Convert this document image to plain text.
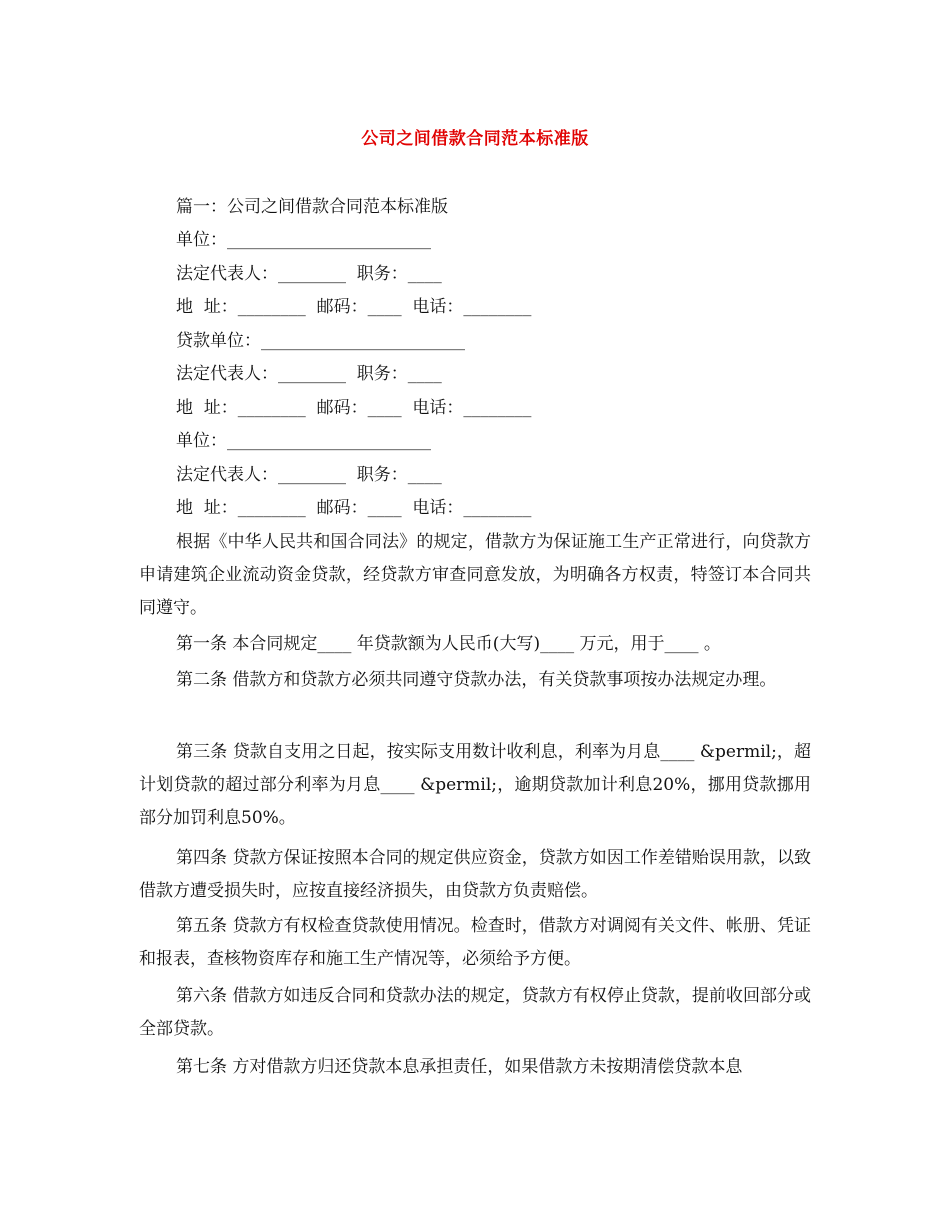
公司之间借款合同范本标准版
篇一：公司之间借款合同范本标准版
单位：________________________
法定代表人：________  职务：____
地  址：________  邮码：____  电话：________
贷款单位：________________________
法定代表人：________  职务：____
地  址：________  邮码：____  电话：________
单位：________________________
法定代表人：________  职务：____
地  址：________  邮码：____  电话：________
根据《中华人民共和国合同法》的规定，借款方为保证施工生产正常进行，向贷款方申请建筑企业流动资金贷款，经贷款方审查同意发放，为明确各方权责，特签订本合同共同遵守。
第一条 本合同规定____ 年贷款额为人民币(大写)____ 万元，用于____ 。
第二条 借款方和贷款方必须共同遵守贷款办法，有关贷款事项按办法规定办理。
第三条 贷款自支用之日起，按实际支用数计收利息，利率为月息____ &permil;，超计划贷款的超过部分利率为月息____ &permil;，逾期贷款加计利息20%，挪用贷款挪用部分加罚利息50%。
第四条 贷款方保证按照本合同的规定供应资金，贷款方如因工作差错贻误用款，以致借款方遭受损失时，应按直接经济损失，由贷款方负责赔偿。
第五条 贷款方有权检查贷款使用情况。检查时，借款方对调阅有关文件、帐册、凭证和报表，查核物资库存和施工生产情况等，必须给予方便。
第六条 借款方如违反合同和贷款办法的规定，贷款方有权停止贷款，提前收回部分或全部贷款。
第七条 方对借款方归还贷款本息承担责任，如果借款方未按期清偿贷款本息
